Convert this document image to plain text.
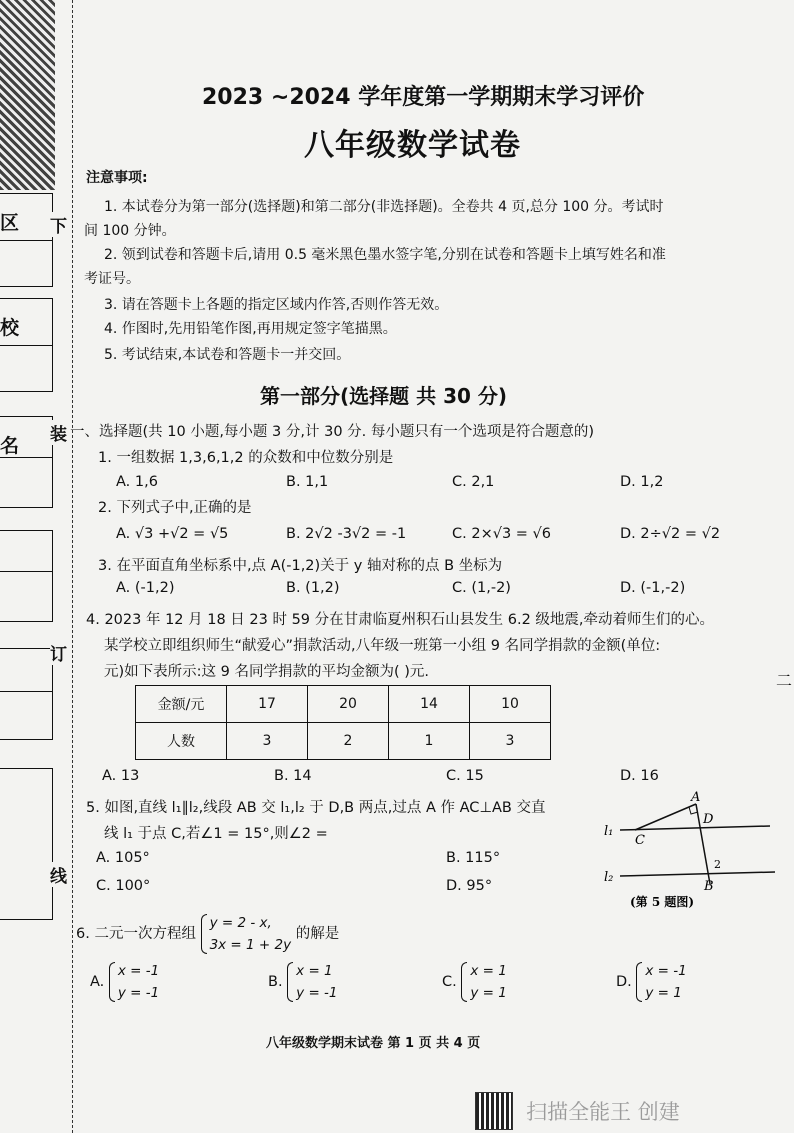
区
校
名
下
装
订
线
二
2023 ~2024 学年度第一学期期末学习评价
八年级数学试卷
注意事项:
1. 本试卷分为第一部分(选择题)和第二部分(非选择题)。全卷共 4 页,总分 100 分。考试时
间 100 分钟。
2. 领到试卷和答题卡后,请用 0.5 毫米黑色墨水签字笔,分别在试卷和答题卡上填写姓名和准
考证号。
3. 请在答题卡上各题的指定区域内作答,否则作答无效。
4. 作图时,先用铅笔作图,再用规定签字笔描黑。
5. 考试结束,本试卷和答题卡一并交回。
第一部分(选择题 共 30 分)
一、选择题(共 10 小题,每小题 3 分,计 30 分. 每小题只有一个选项是符合题意的)
1. 一组数据 1,3,6,1,2 的众数和中位数分别是
A. 1,6	B. 1,1	C. 2,1	D. 1,2
2. 下列式子中,正确的是
A. √3 +√2 = √5	B. 2√2 -3√2 = -1	C. 2×√3 = √6	D. 2÷√2 = √2
3. 在平面直角坐标系中,点 A(-1,2)关于 y 轴对称的点 B 坐标为
A. (-1,2)	B. (1,2)	C. (1,-2)	D. (-1,-2)
4. 2023 年 12 月 18 日 23 时 59 分在甘肃临夏州积石山县发生 6.2 级地震,牵动着师生们的心。
某学校立即组织师生“献爱心”捐款活动,八年级一班第一小组 9 名同学捐款的金额(单位:
元)如下表所示:这 9 名同学捐款的平均金额为( )元.
金额/元	17	20	14	10
人数	3	2	1	3
A. 13	B. 14	C. 15	D. 16
5. 如图,直线 l₁∥l₂,线段 AB 交 l₁,l₂ 于 D,B 两点,过点 A 作 AC⊥AB 交直
线 l₁ 于点 C,若∠1 = 15°,则∠2 =
A. 105°	B. 115°
C. 100°	D. 95°
6. 二元一次方程组
y = 2 - x,
3x = 1 + 2y
的解是
A.
x = -1
y = -1
B.
x = 1
y = -1
C.
x = 1
y = 1
D.
x = -1
y = 1
八年级数学期末试卷 第 1 页 共 4 页
l₁
l₂
A
D
C
B
2
(第 5 题图)
扫描全能王 创建
